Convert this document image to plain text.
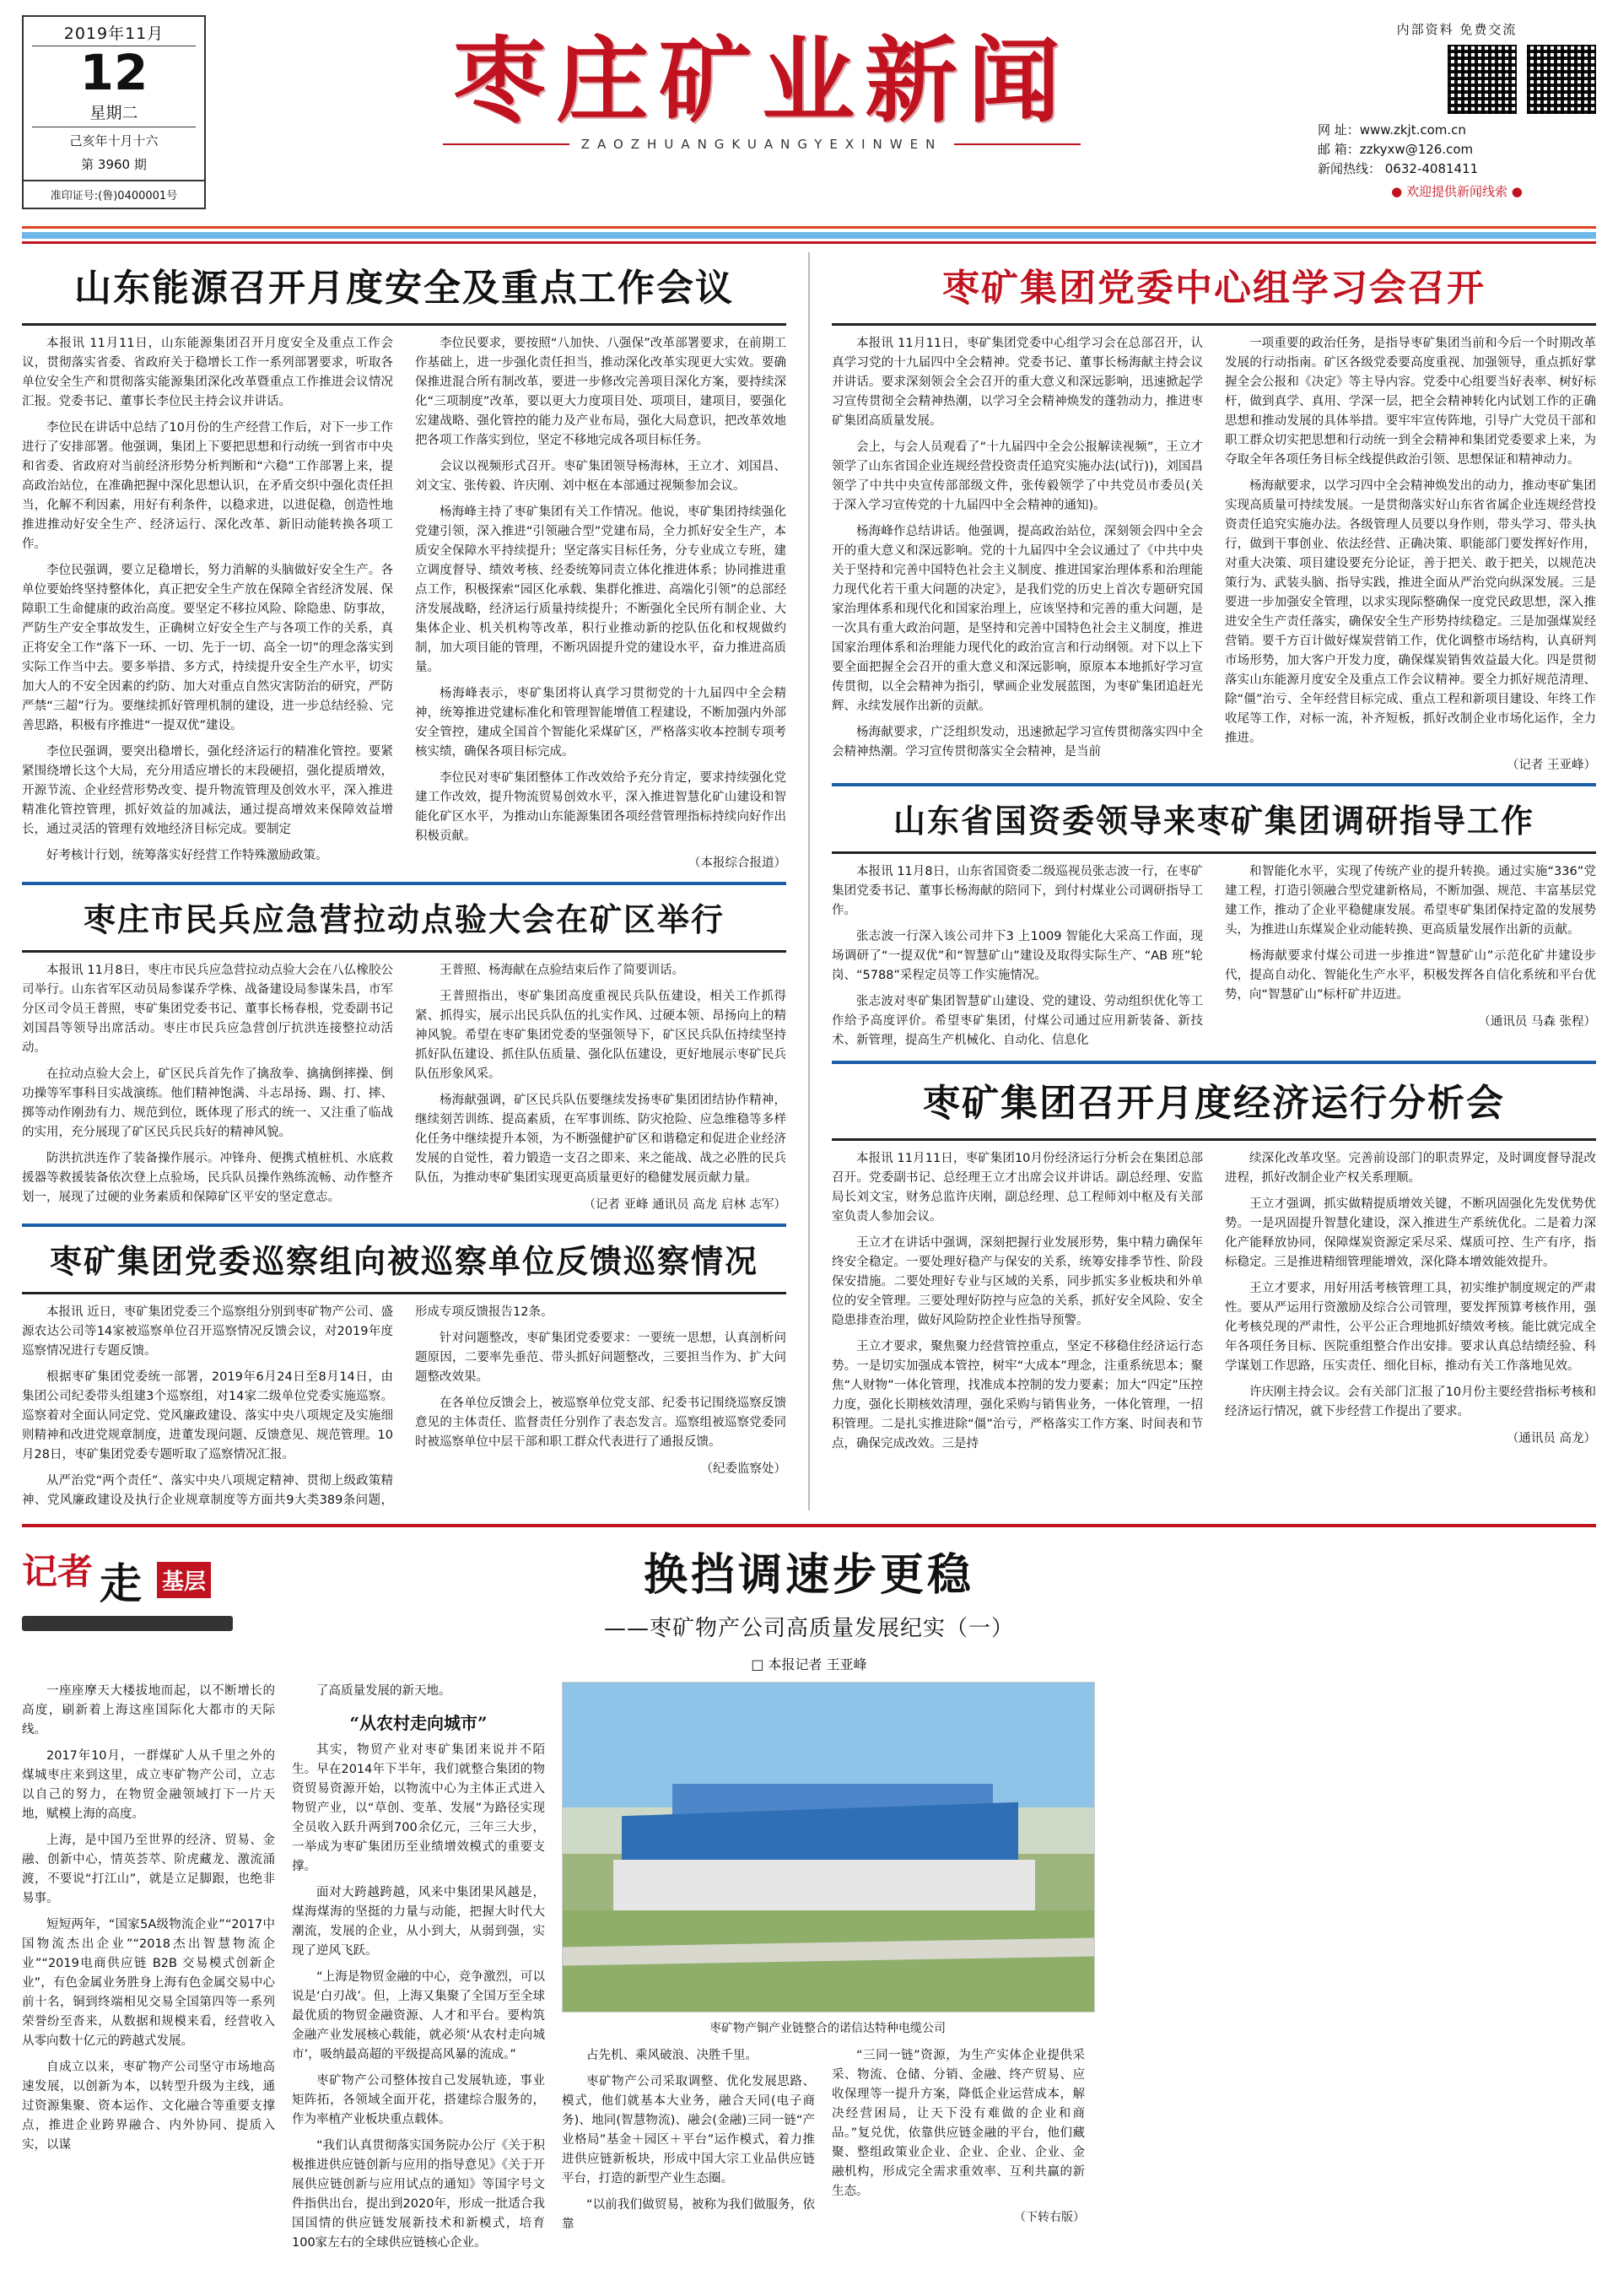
2019年11月
12
星期二
己亥年十月十六
第 3960 期
准印证号:(鲁)0400001号
枣庄矿业新闻
ZAOZHUANGKUANGYEXINWEN
内部资料 免费交流
网 址：www.zkjt.com.cn
邮 箱：zzkyxw@126.com
新闻热线： 0632-4081411
● 欢迎提供新闻线索 ●
山东能源召开月度安全及重点工作会议

本报讯 11月11日，山东能源集团召开月度安全及重点工作会议，贯彻落实省委、省政府关于稳增长工作一系列部署要求，听取各单位安全生产和贯彻落实能源集团深化改革暨重点工作推进会议情况汇报。党委书记、董事长李位民主持会议并讲话。

李位民在讲话中总结了10月份的生产经营工作后，对下一步工作进行了安排部署。他强调，集团上下要把思想和行动统一到省市中央和省委、省政府对当前经济形势分析判断和“六稳”工作部署上来，提高政治站位，在准确把握中深化思想认识，在矛盾交织中强化责任担当，化解不利因素，用好有利条件，以稳求进，以进促稳，创造性地推进推动好安全生产、经济运行、深化改革、新旧动能转换各项工作。

李位民强调，要立足稳增长，努力消解的头脑做好安全生产。各单位要始终坚持整体化，真正把安全生产放在保障全省经济发展、保障职工生命健康的政治高度。要坚定不移拉风险、除隐患、防事故，严防生产安全事故发生，正确树立好安全生产与各项工作的关系，真正将安全工作“落下一环、一切、先于一切、高全一切”的理念落实到实际工作当中去。要多举措、多方式，持续提升安全生产水平，切实加大人的不安全因素的约防、加大对重点自然灾害防治的研究，严防严禁“三超”行为。要继续抓好管理机制的建设，进一步总结经验、完善思路，积极有序推进“一提双优”建设。

李位民强调，要突出稳增长，强化经济运行的精准化管控。要紧紧围绕增长这个大局，充分用适应增长的末段硬招，强化提质增效，开源节流、企业经营形势改变、提升物流管理及创效水平，深入推进精准化管控管理，抓好效益的加减法，通过提高增效来保障效益增长，通过灵活的管理有效地经济目标完成。要制定

好考核计行划，统筹落实好经营工作特殊激励政策。

李位民要求，要按照“八加快、八强保”改革部署要求，在前期工作基础上，进一步强化责任担当，推动深化改革实现更大实效。要确保推进混合所有制改革，要进一步修改完善项目深化方案，要持续深化“三项制度”改革，要以更大力度项目处、项项目，建项目，要强化宏建战略、强化管控的能力及产业布局，强化大局意识，把改革效地把各项工作落实到位，坚定不移地完成各项目标任务。

会议以视频形式召开。枣矿集团领导杨海林，王立才、刘国昌、刘文宝、张传毅、许庆刚、刘中枢在本部通过视频参加会议。

杨海峰主持了枣矿集团有关工作情况。他说，枣矿集团持续强化党建引领，深入推进“引领融合型”党建布局，全力抓好安全生产，本质安全保障水平持续提升；坚定落实目标任务，分专业成立专班，建立调度督导、绩效考核、经委统筹同责立体化推进体系；协同推进重点工作，积极探索“园区化承载、集群化推进、高端化引领”的总部经济发展战略，经济运行质量持续提升；不断强化全民所有制企业、大集体企业、机关机构等改革，积行业推动新的挖队伍化和权规做约制，加大项目能的管理，不断巩固提升党的建设水平，奋力推进高质量。

杨海峰表示，枣矿集团将认真学习贯彻党的十九届四中全会精神，统筹推进党建标准化和管理智能增值工程建设，不断加强内外部安全管控，建成全国首个智能化采煤矿区，严格落实收本控制专项考核实绩，确保各项目标完成。

李位民对枣矿集团整体工作改效给予充分肯定，要求持续强化党建工作改效，提升物流贸易创效水平，深入推进智慧化矿山建设和智能化矿区水平，为推动山东能源集团各项经营管理指标持续向好作出积极贡献。

（本报综合报道）
枣庄市民兵应急营拉动点验大会在矿区举行

本报讯 11月8日，枣庄市民兵应急营拉动点验大会在八仏橡胶公司举行。山东省军区动员局参谋乔学株、战备建设局参谋朱昌，市军分区司令员王普照，枣矿集团党委书记、董事长杨春根，党委副书记刘国昌等领导出席活动。枣庄市民兵应急营创厅抗洪连接整拉动活动。

在拉动点验大会上，矿区民兵首先作了擒敌拳、擒擒倒摔操、倒功操等军事科目实战演练。他们精神饱满、斗志昂扬、踢、打、摔、掷等动作刚劲有力、规范到位，既体现了形式的统一、又注重了临战的实用，充分展现了矿区民兵民兵好的精神风貌。

防洪抗洪连作了装备操作展示。冲锋舟、便携式植桩机、水底救援器等救援装备依次登上点验场，民兵队员操作熟练流畅、动作整齐划一，展现了过硬的业务素质和保障矿区平安的坚定意志。

王普照、杨海献在点验结束后作了简要训话。

王普照指出，枣矿集团高度重视民兵队伍建设，相关工作抓得紧、抓得实，展示出民兵队伍的扎实作风、过硬本领、昂扬向上的精神风貌。希望在枣矿集团党委的坚强领导下，矿区民兵队伍持续坚持抓好队伍建设、抓住队伍质量、强化队伍建设，更好地展示枣矿民兵队伍形象风采。

杨海献强调，矿区民兵队伍要继续发扬枣矿集团团结协作精神，继续刻苦训练、提高素质，在军事训练、防灾抢险、应急维稳等多样化任务中继续提升本领，为不断强健护矿区和谐稳定和促进企业经济发展的自觉性，着力锻造一支召之即来、来之能战、战之必胜的民兵队伍，为推动枣矿集团实现更高质量更好的稳健发展贡献力量。

（记者 亚峰 通讯员 高龙 启林 志军）
枣矿集团党委巡察组向被巡察单位反馈巡察情况

本报讯 近日，枣矿集团党委三个巡察组分别到枣矿物产公司、盛源农达公司等14家被巡察单位召开巡察情况反馈会议，对2019年度巡察情况进行专题反馈。

根据枣矿集团党委统一部署，2019年6月24日至8月14日，由集团公司纪委带头组建3个巡察组，对14家二级单位党委实施巡察。巡察着对全面认同定党、党风廉政建设、落实中央八项规定及实施细则精神和改进党规章制度，进董发现问题、反馈意见、规范管理。10月28日，枣矿集团党委专题听取了巡察情况汇报。

从严治党“两个责任”、落实中央八项规定精神、贯彻上级政策精神、党风廉政建设及执行企业规章制度等方面共9大类389条问题，形成专项反馈报告12条。

针对问题整改，枣矿集团党委要求：一要统一思想，认真剖析问题原因，二要率先垂范、带头抓好问题整改，三要担当作为、扩大问题整改效果。

在各单位反馈会上，被巡察单位党支部、纪委书记围绕巡察反馈意见的主体责任、监督责任分别作了表态发言。巡察组被巡察党委同时被巡察单位中层干部和职工群众代表进行了通报反馈。

（纪委监察处）
枣矿集团党委中心组学习会召开

本报讯 11月11日，枣矿集团党委中心组学习会在总部召开，认真学习党的十九届四中全会精神。党委书记、董事长杨海献主持会议并讲话。要求深刻领会全会召开的重大意义和深远影响，迅速掀起学习宣传贯彻全会精神热潮，以学习全会精神焕发的蓬勃动力，推进枣矿集团高质量发展。

会上，与会人员观看了“十九届四中全会公报解读视频”，王立才领学了山东省国企业连规经营投资责任追究实施办法(试行))，刘国昌领学了中共中央宣传部部级文件，张传毅领学了中共党员市委员(关于深入学习宣传党的十九届四中全会精神的通知)。

杨海峰作总结讲话。他强调，提高政治站位，深刻领会四中全会开的重大意义和深远影响。党的十九届四中全会议通过了《中共中央关于坚持和完善中国特色社会主义制度、推进国家治理体系和治理能力现代化若干重大问题的决定》，是我们党的历史上首次专题研究国家治理体系和现代化和国家治理上，应该坚持和完善的重大问题，是一次具有重大政治问题，是坚持和完善中国特色社会主义制度，推进国家治理体系和治理能力现代化的政治宣言和行动纲领。对下以上下要全面把握全会召开的重大意义和深远影响，原原本本地抓好学习宣传贯彻，以全会精神为指引，擘画企业发展蓝图，为枣矿集团追赶光辉、永续发展作出新的贡献。

杨海献要求，广泛组织发动，迅速掀起学习宣传贯彻落实四中全会精神热潮。学习宣传贯彻落实全会精神，是当前

一项重要的政治任务，是指导枣矿集团当前和今后一个时期改革发展的行动指南。矿区各级党委要高度重视、加强领导，重点抓好掌握全会公报和《决定》等主导内容。党委中心组要当好表率、树好标杆，做到真学、真用、学深一层，把全会精神转化内试划工作的正确思想和推动发展的具体举措。要牢牢宣传阵地，引导广大党员干部和职工群众切实把思想和行动统一到全会精神和集团党委要求上来，为夺取全年各项任务目标全线提供政治引领、思想保证和精神动力。

杨海献要求，以学习四中全会精神焕发出的动力，推动枣矿集团实现高质量可持续发展。一是贯彻落实好山东省省属企业连规经营投资责任追究实施办法。各级管理人员要以身作则，带头学习、带头执行，做到干事创业、依法经营、正确决策、职能部门要发挥好作用，对重大决策、项目建设要充分论证，善于把关、敢于把关，以规范决策行为、武装头脑、指导实践，推进全面从严治党向纵深发展。三是要进一步加强安全管理，以求实现际整确保一度党民政思想，深入推进安全生产责任落实，确保安全生产形势持续稳定。三是加强煤炭经营销。要千方百计做好煤炭营销工作，优化调整市场结构，认真研判市场形势，加大客户开发力度，确保煤炭销售效益最大化。四是贯彻落实山东能源月度安全及重点工作会议精神。要全力抓好规范清理、除“僵”治亏、全年经营目标完成、重点工程和新项目建设、年终工作收尾等工作，对标一流，补齐短板，抓好改制企业市场化运作，全力推进。

（记者 王亚峰）
山东省国资委领导来枣矿集团调研指导工作

本报讯 11月8日，山东省国资委二级巡视员张志波一行，在枣矿集团党委书记、董事长杨海献的陪同下，到付村煤业公司调研指导工作。

张志波一行深入该公司井下3 上1009 智能化大采高工作面，现场调研了“一提双优”和“智慧矿山”建设及取得实际生产、“AB 班”轮岗、“5788”采程定员等工作实施情况。

张志波对枣矿集团智慧矿山建设、党的建设、劳动组织优化等工作给予高度评价。希望枣矿集团，付煤公司通过应用新装备、新技术、新管理，提高生产机械化、自动化、信息化

和智能化水平，实现了传统产业的提升转换。通过实施“336”党建工程，打造引领融合型党建新格局，不断加强、规范、丰富基层党建工作，推动了企业平稳健康发展。希望枣矿集团保持定盈的发展势头，为推进山东煤炭企业动能转换、更高质量发展作出新的贡献。

杨海献要求付煤公司进一步推进“智慧矿山”示范化矿井建设步代，提高自动化、智能化生产水平，积极发挥各自信化系统和平台优势，向“智慧矿山”标杆矿井迈进。

（通讯员 马森 张程）
枣矿集团召开月度经济运行分析会

本报讯 11月11日，枣矿集团10月份经济运行分析会在集团总部召开。党委副书记、总经理王立才出席会议并讲话。副总经理、安监局长刘文宝，财务总监许庆刚，副总经理、总工程师刘中枢及有关部室负责人参加会议。

王立才在讲话中强调，深刻把握行业发展形势，集中精力确保年终安全稳定。一要处理好稳产与保安的关系，统筹安排季节性、阶段保安措施。二要处理好专业与区域的关系，同步抓实多业板块和外单位的安全管理。三要处理好防控与应急的关系，抓好安全风险、安全隐患排查治理，做好风险防控企业性指导预警。

王立才要求，聚焦聚力经营管控重点，坚定不移稳住经济运行态势。一是切实加强成本管控，树牢“大成本”理念，注重系统思本；聚焦“人财物”一体化管理，找准成本控制的发力要素；加大“四定”压控力度，强化长期核效清理，强化采购与销售业务，一体化管理，一招积管理。二是扎实推进除“僵”治亏，严格落实工作方案、时间表和节点，确保完成改效。三是持

续深化改革攻坚。完善前设部门的职责界定，及时调度督导混改进程，抓好改制企业产权关系理顺。

王立才强调，抓实做精提质增效关键，不断巩固强化先发优势优势。一是巩固提升智慧化建设，深入推进生产系统优化。二是着力深化产能释放协同，保障煤炭资源定采尽采、煤质可控、生产有序，指标稳定。三是推进精细管理能增效，深化降本增效能效提升。

王立才要求，用好用活考核管理工具，初实维护制度规定的严肃性。要从严运用行资激励及综合公司管理，要发挥预算考核作用，强化考核兑现的严肃性，公平公正合理地抓好绩效考核。能比就完成全年各项任务目标、医院重组整合作出安排。要求认真总结绩经验、科学谋划工作思路，压实责任、细化目标，推动有关工作落地见效。

许庆刚主持会议。会有关部门汇报了10月份主要经营指标考核和经济运行情况，就下步经营工作提出了要求。

（通讯员 高龙）
记者 走 基层	换挡调速步更稳
——枣矿物产公司高质量发展纪实（一）
□ 本报记者 王亚峰

一座座摩天大楼拔地而起，以不断增长的高度，刷新着上海这座国际化大都市的天际线。

2017年10月，一群煤矿人从千里之外的煤城枣庄来到这里，成立枣矿物产公司，立志以自己的努力，在物贸金融领域打下一片天地，赋模上海的高度。

上海，是中国乃至世界的经济、贸易、金融、创新中心，情英荟萃、阶虎藏龙、激流涌渡，不要说“打江山”，就是立足脚跟，也绝非易事。

短短两年，“国家5A级物流企业”“2017中国物流杰出企业”“2018杰出智慧物流企业”“2019电商供应链 B2B 交易模式创新企业”，有色金属业务胜身上海有色金属交易中心前十名，铜到终端相见交易全国第四等一系列荣誉纷至沓来，从数据和规模来看，经营收入从零向数十亿元的跨越式发展。

自成立以来，枣矿物产公司坚守市场地高速发展，以创新为本，以转型升级为主线，通过资源集聚、资本运作、文化融合等重要支撑点，推进企业跨界融合、内外协同、提质入实，以谋

了高质量发展的新天地。

“从农村走向城市”

其实，物贸产业对枣矿集团来说并不陌生。早在2014年下半年，我们就整合集团的物资贸易资源开始，以物流中心为主体正式进入物贸产业，以“草创、变革、发展”为路径实现全员收入跃升两到700余亿元，三年三大步，一举成为枣矿集团历至业绩增效模式的重要支撑。

面对大跨越跨越，风来中集团果风越是，煤海煤海的坚挺的力量与动能，把握大时代大潮流，发展的企业，从小到大，从弱到强，实现了逆风飞跃。

“上海是物贸金融的中心，竞争激烈，可以说是‘白刃战’。但，上海又集聚了全国万至全球最优质的物贸金融资源、人才和平台。要构筑金融产业发展核心载能，就必须‘从农村走向城市’，吸纳最高超的平级提高风暴的流成。”

枣矿物产公司整体按自己发展轨迹，事业矩阵拓，各领域全面开花，搭建综合服务的，作为率植产业板块重点载体。

“我们认真贯彻落实国务院办公厅《关于积极推进供应链创新与应用的指导意见》《关于开展供应链创新与应用试点的通知》等国字号文件指供出台，提出到2020年，形成一批适合我国国情的供应链发展新技术和新模式，培育100家左右的全球供应链核心企业。

枣矿物产铜产业链整合的诺信达特种电缆公司

占先机、乘风破浪、决胜千里。

枣矿物产公司采取调整、优化发展思路、模式，他们就基本大业务，融合天同(电子商务)、地同(智慧物流)、融会(金融)三同一链“产业格局”基金＋园区＋平台”运作模式，着力推进供应链新板块，形成中国大宗工业品供应链平台，打造的新型产业生态圈。

“以前我们做贸易，被称为我们做服务，依靠

“三同一链”资源，为生产实体企业提供采采、物流、仓储、分销、金融、终产贸易、应收保理等一提升方案，降低企业运营成本，解决经营困局，让天下没有难做的企业和商品。”复兑优，依靠供应链金融的平台，他们藏聚、整组政策业企业、企业、企业、企业、金融机构，形成完全需求重效率、互利共赢的新生态。

（下转右版）
